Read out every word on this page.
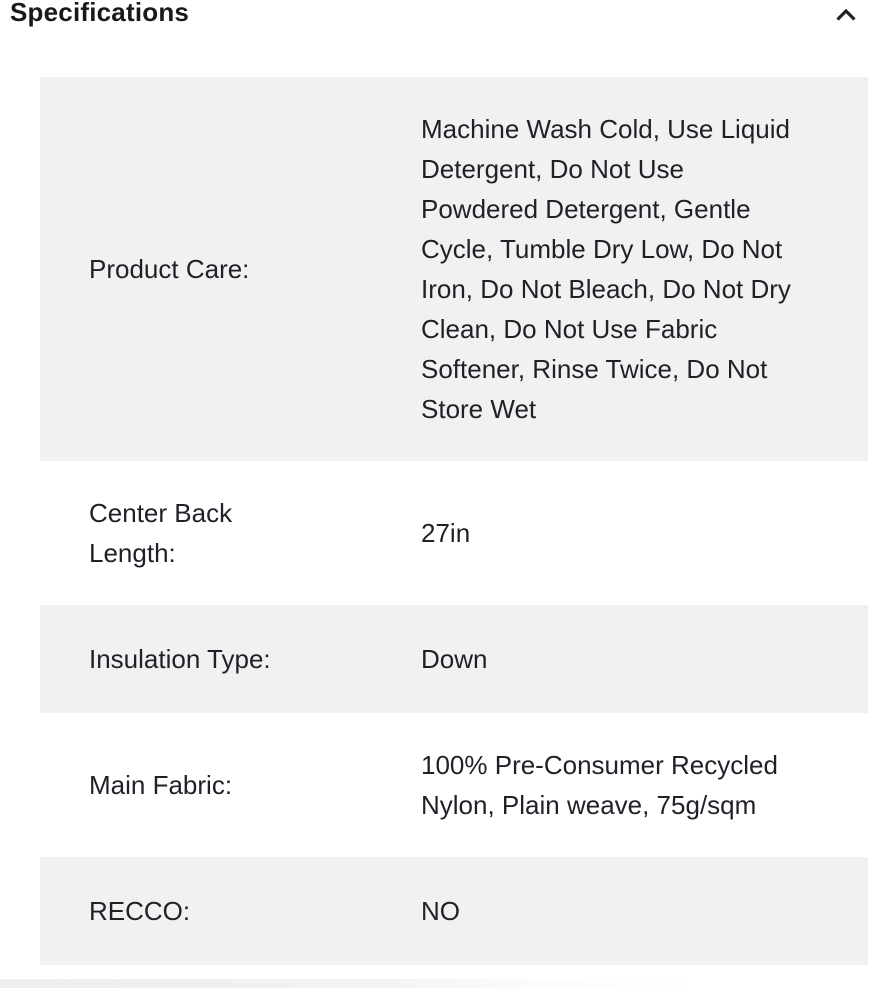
Specifications
Product Care:
Machine Wash Cold, Use Liquid Detergent, Do Not Use Powdered Detergent, Gentle Cycle, Tumble Dry Low, Do Not Iron, Do Not Bleach, Do Not Dry Clean, Do Not Use Fabric Softener, Rinse Twice, Do Not Store Wet
Center Back Length:
27in
Insulation Type:	Down
Main Fabric:
100% Pre-Consumer Recycled Nylon, Plain weave, 75g/sqm
RECCO:	NO
